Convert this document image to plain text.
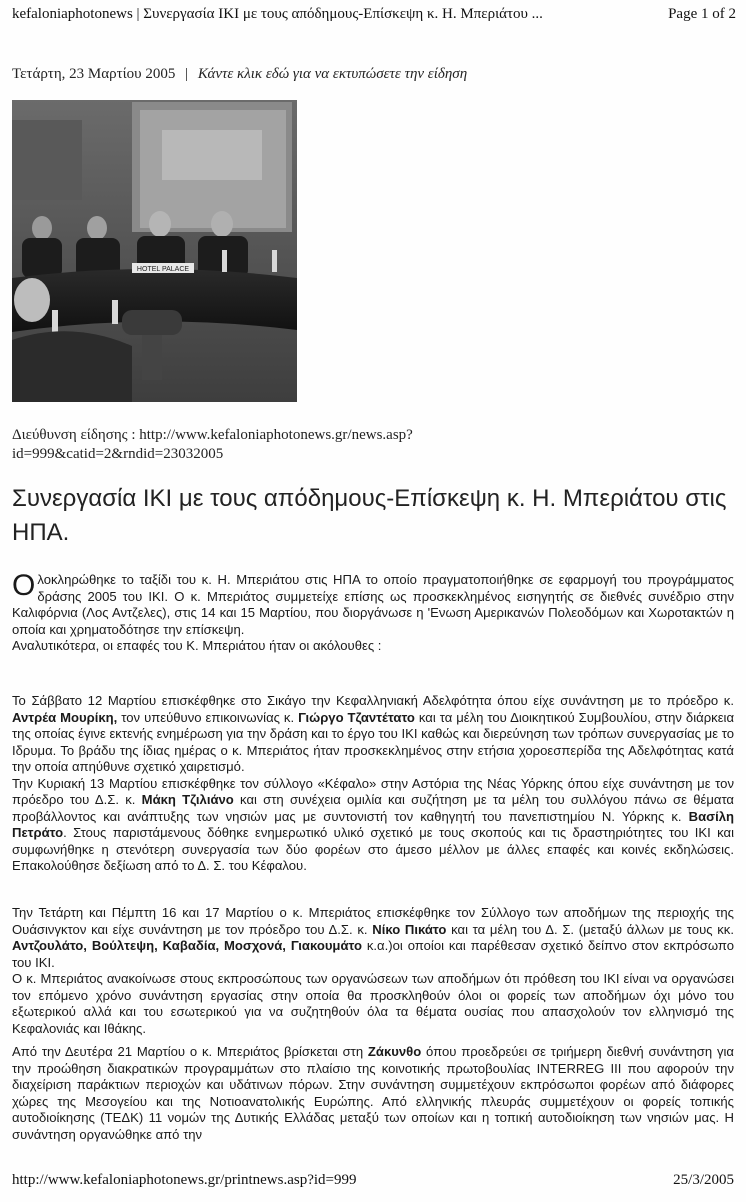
kefaloniaphotonews | Συνεργασία ΙΚΙ με τους απόδημους-Επίσκεψη κ. Η. Μπεριάτου ...	Page 1 of 2
Τετάρτη, 23 Μαρτίου 2005 | Κάντε κλικ εδώ για να εκτυπώσετε την είδηση
HOTEL PALACE
Διεύθυνση είδησης : http://www.kefaloniaphotonews.gr/news.asp?
id=999&catid=2&rndid=23032005
Συνεργασία ΙΚΙ με τους απόδημους-Επίσκεψη κ. Η. Μπεριάτου στις ΗΠΑ.
Ολοκληρώθηκε το ταξίδι του κ. Η. Μπεριάτου στις ΗΠΑ το οποίο πραγματοποιήθηκε σε εφαρμογή του προγράμματος δράσης 2005 του ΙΚΙ. Ο κ. Μπεριάτος συμμετείχε επίσης ως προσκεκλημένος εισηγητής σε διεθνές συνέδριο στην Καλιφόρνια (Λος Αντζελες), στις 14 και 15 Μαρτίου, που διοργάνωσε η 'Ενωση Αμερικανών Πολεοδόμων και Χωροτακτών η οποία και χρηματοδότησε την επίσκεψη.
Αναλυτικότερα, οι επαφές του Κ. Μπεριάτου ήταν οι ακόλουθες :
Το Σάββατο 12 Μαρτίου επισκέφθηκε στο Σικάγο την Κεφαλληνιακή Αδελφότητα όπου είχε συνάντηση με το πρόεδρο κ. Αντρέα Μουρίκη, τον υπεύθυνο επικοινωνίας κ. Γιώργο Τζαντέτατο και τα μέλη του Διοικητικού Συμβουλίου, στην διάρκεια της οποίας έγινε εκτενής ενημέρωση για την δράση και το έργο του ΙΚΙ καθώς και διερεύνηση των τρόπων συνεργασίας με το Ιδρυμα. Το βράδυ της ίδιας ημέρας ο κ. Μπεριάτος ήταν προσκεκλημένος στην ετήσια χοροεσπερίδα της Αδελφότητας κατά την οποία απηύθυνε σχετικό χαιρετισμό.
Την Κυριακή 13 Μαρτίου επισκέφθηκε τον σύλλογο «Κέφαλο» στην Αστόρια της Νέας Υόρκης όπου είχε συνάντηση με τον πρόεδρο του Δ.Σ. κ. Μάκη Τζιλιάνο και στη συνέχεια ομιλία και συζήτηση με τα μέλη του συλλόγου πάνω σε θέματα προβάλλοντος και ανάπτυξης των νησιών μας με συντονιστή τον καθηγητή του πανεπιστημίου Ν. Υόρκης κ. Βασίλη Πετράτο. Στους παριστάμενους δόθηκε ενημερωτικό υλικό σχετικό με τους σκοπούς και τις δραστηριότητες του ΙΚΙ και συμφωνήθηκε η στενότερη συνεργασία των δύο φορέων στο άμεσο μέλλον με άλλες επαφές και κοινές εκδηλώσεις. Επακολούθησε δεξίωση από το Δ. Σ. του Κέφαλου.
Την Τετάρτη και Πέμπτη 16 και 17 Μαρτίου ο κ. Μπεριάτος επισκέφθηκε τον Σύλλογο των αποδήμων της περιοχής της Ουάσινγκτον και είχε συνάντηση με τον πρόεδρο του Δ.Σ. κ. Νίκο Πικάτο και τα μέλη του Δ. Σ. (μεταξύ άλλων με τους κκ. Αντζουλάτο, Βούλτεψη, Καβαδία, Μοσχονά, Γιακουμάτο κ.α.)οι οποίοι και παρέθεσαν σχετικό δείπνο στον εκπρόσωπο του ΙΚΙ.
Ο κ. Μπεριάτος ανακοίνωσε στους εκπροσώπους των οργανώσεων των αποδήμων ότι πρόθεση του ΙΚΙ είναι να οργανώσει τον επόμενο χρόνο συνάντηση εργασίας στην οποία θα προσκληθούν όλοι οι φορείς των αποδήμων όχι μόνο του εξωτερικού αλλά και του εσωτερικού για να συζητηθούν όλα τα θέματα ουσίας που απασχολούν τον ελληνισμό της Κεφαλονιάς και Ιθάκης.
Από την Δευτέρα 21 Μαρτίου ο κ. Μπεριάτος βρίσκεται στη Ζάκυνθο όπου προεδρεύει σε τριήμερη διεθνή συνάντηση για την προώθηση διακρατικών προγραμμάτων στο πλαίσιο της κοινοτικής πρωτοβουλίας INTERREG III που αφορούν την διαχείριση παράκτιων περιοχών και υδάτινων πόρων. Στην συνάντηση συμμετέχουν εκπρόσωποι φορέων από διάφορες χώρες της Μεσογείου και της Νοτιοανατολικής Ευρώπης. Από ελληνικής πλευράς συμμετέχουν οι φορείς τοπικής αυτοδιοίκησης (ΤΕΔΚ) 11 νομών της Δυτικής Ελλάδας μεταξύ των οποίων και η τοπική αυτοδιοίκηση των νησιών μας. Η συνάντηση οργανώθηκε από την
http://www.kefaloniaphotonews.gr/printnews.asp?id=999	25/3/2005
